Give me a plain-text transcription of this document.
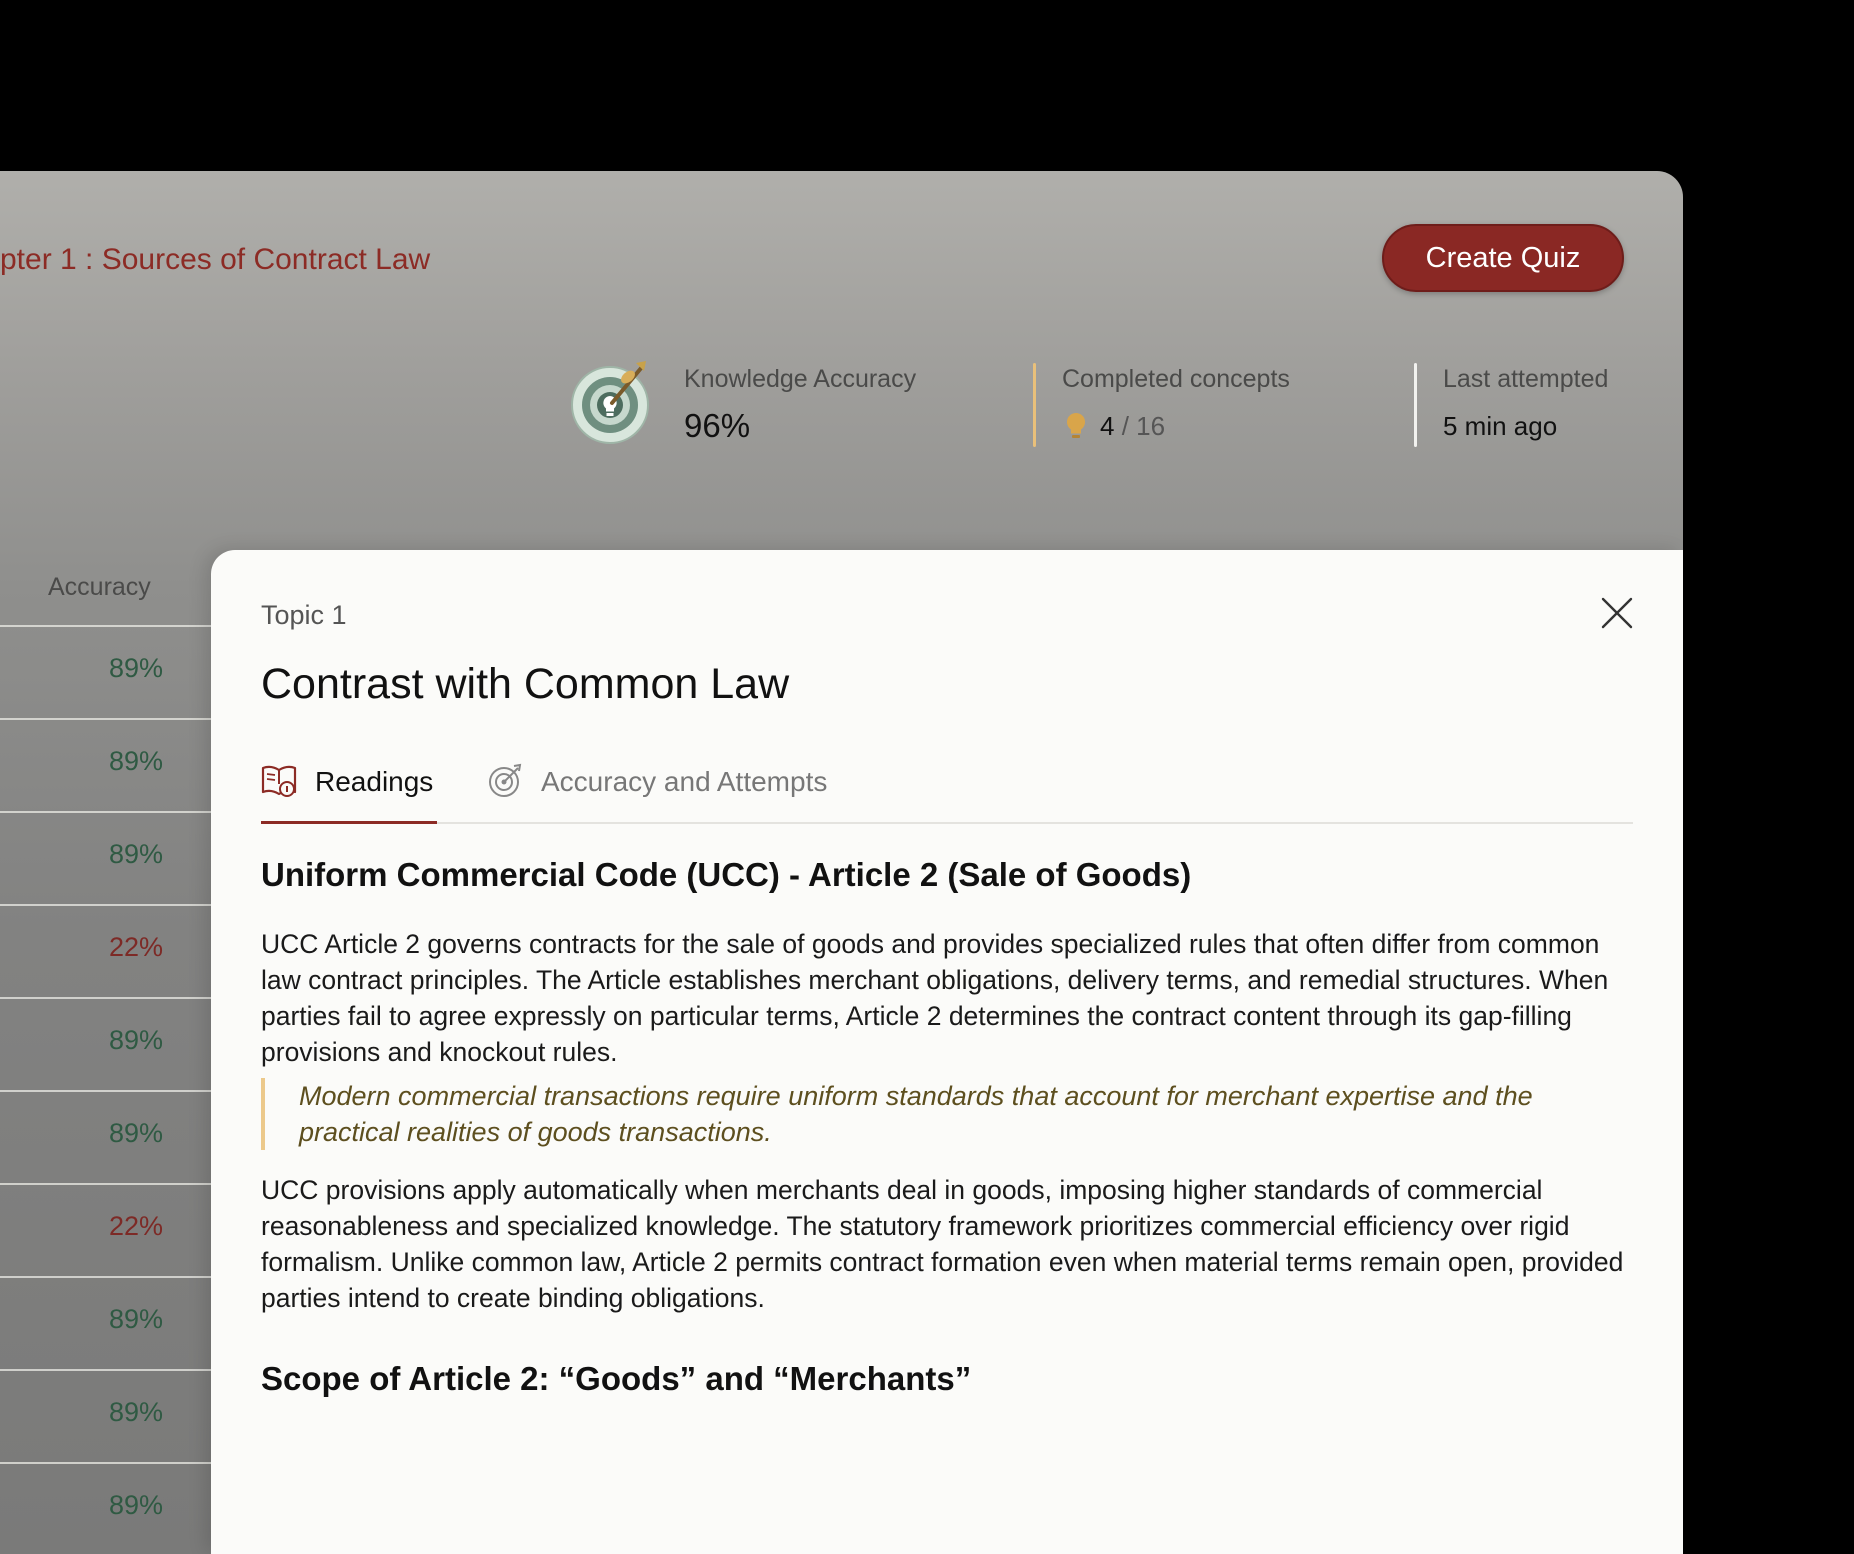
pter 1 : Sources of Contract Law	Create Quiz
Knowledge Accuracy
96%
Completed concepts
4 / 16
Last attempted
5 min ago
Accuracy
89%
89%
89%
22%
89%
89%
22%
89%
89%
89%
Topic 1
Contrast with Common Law
Readings	Accuracy and Attempts
Uniform Commercial Code (UCC) - Article 2 (Sale of Goods)

UCC Article 2 governs contracts for the sale of goods and provides specialized rules that often differ from common law contract principles. The Article establishes merchant obligations, delivery terms, and remedial structures. When parties fail to agree expressly on particular terms, Article 2 determines the contract content through its gap-filling provisions and knockout rules.

Modern commercial transactions require uniform standards that account for merchant expertise and the practical realities of goods transactions.

UCC provisions apply automatically when merchants deal in goods, imposing higher standards of commercial reasonableness and specialized knowledge. The statutory framework prioritizes commercial efficiency over rigid formalism. Unlike common law, Article 2 permits contract formation even when material terms remain open, provided parties intend to create binding obligations.

Scope of Article 2: “Goods” and “Merchants”
